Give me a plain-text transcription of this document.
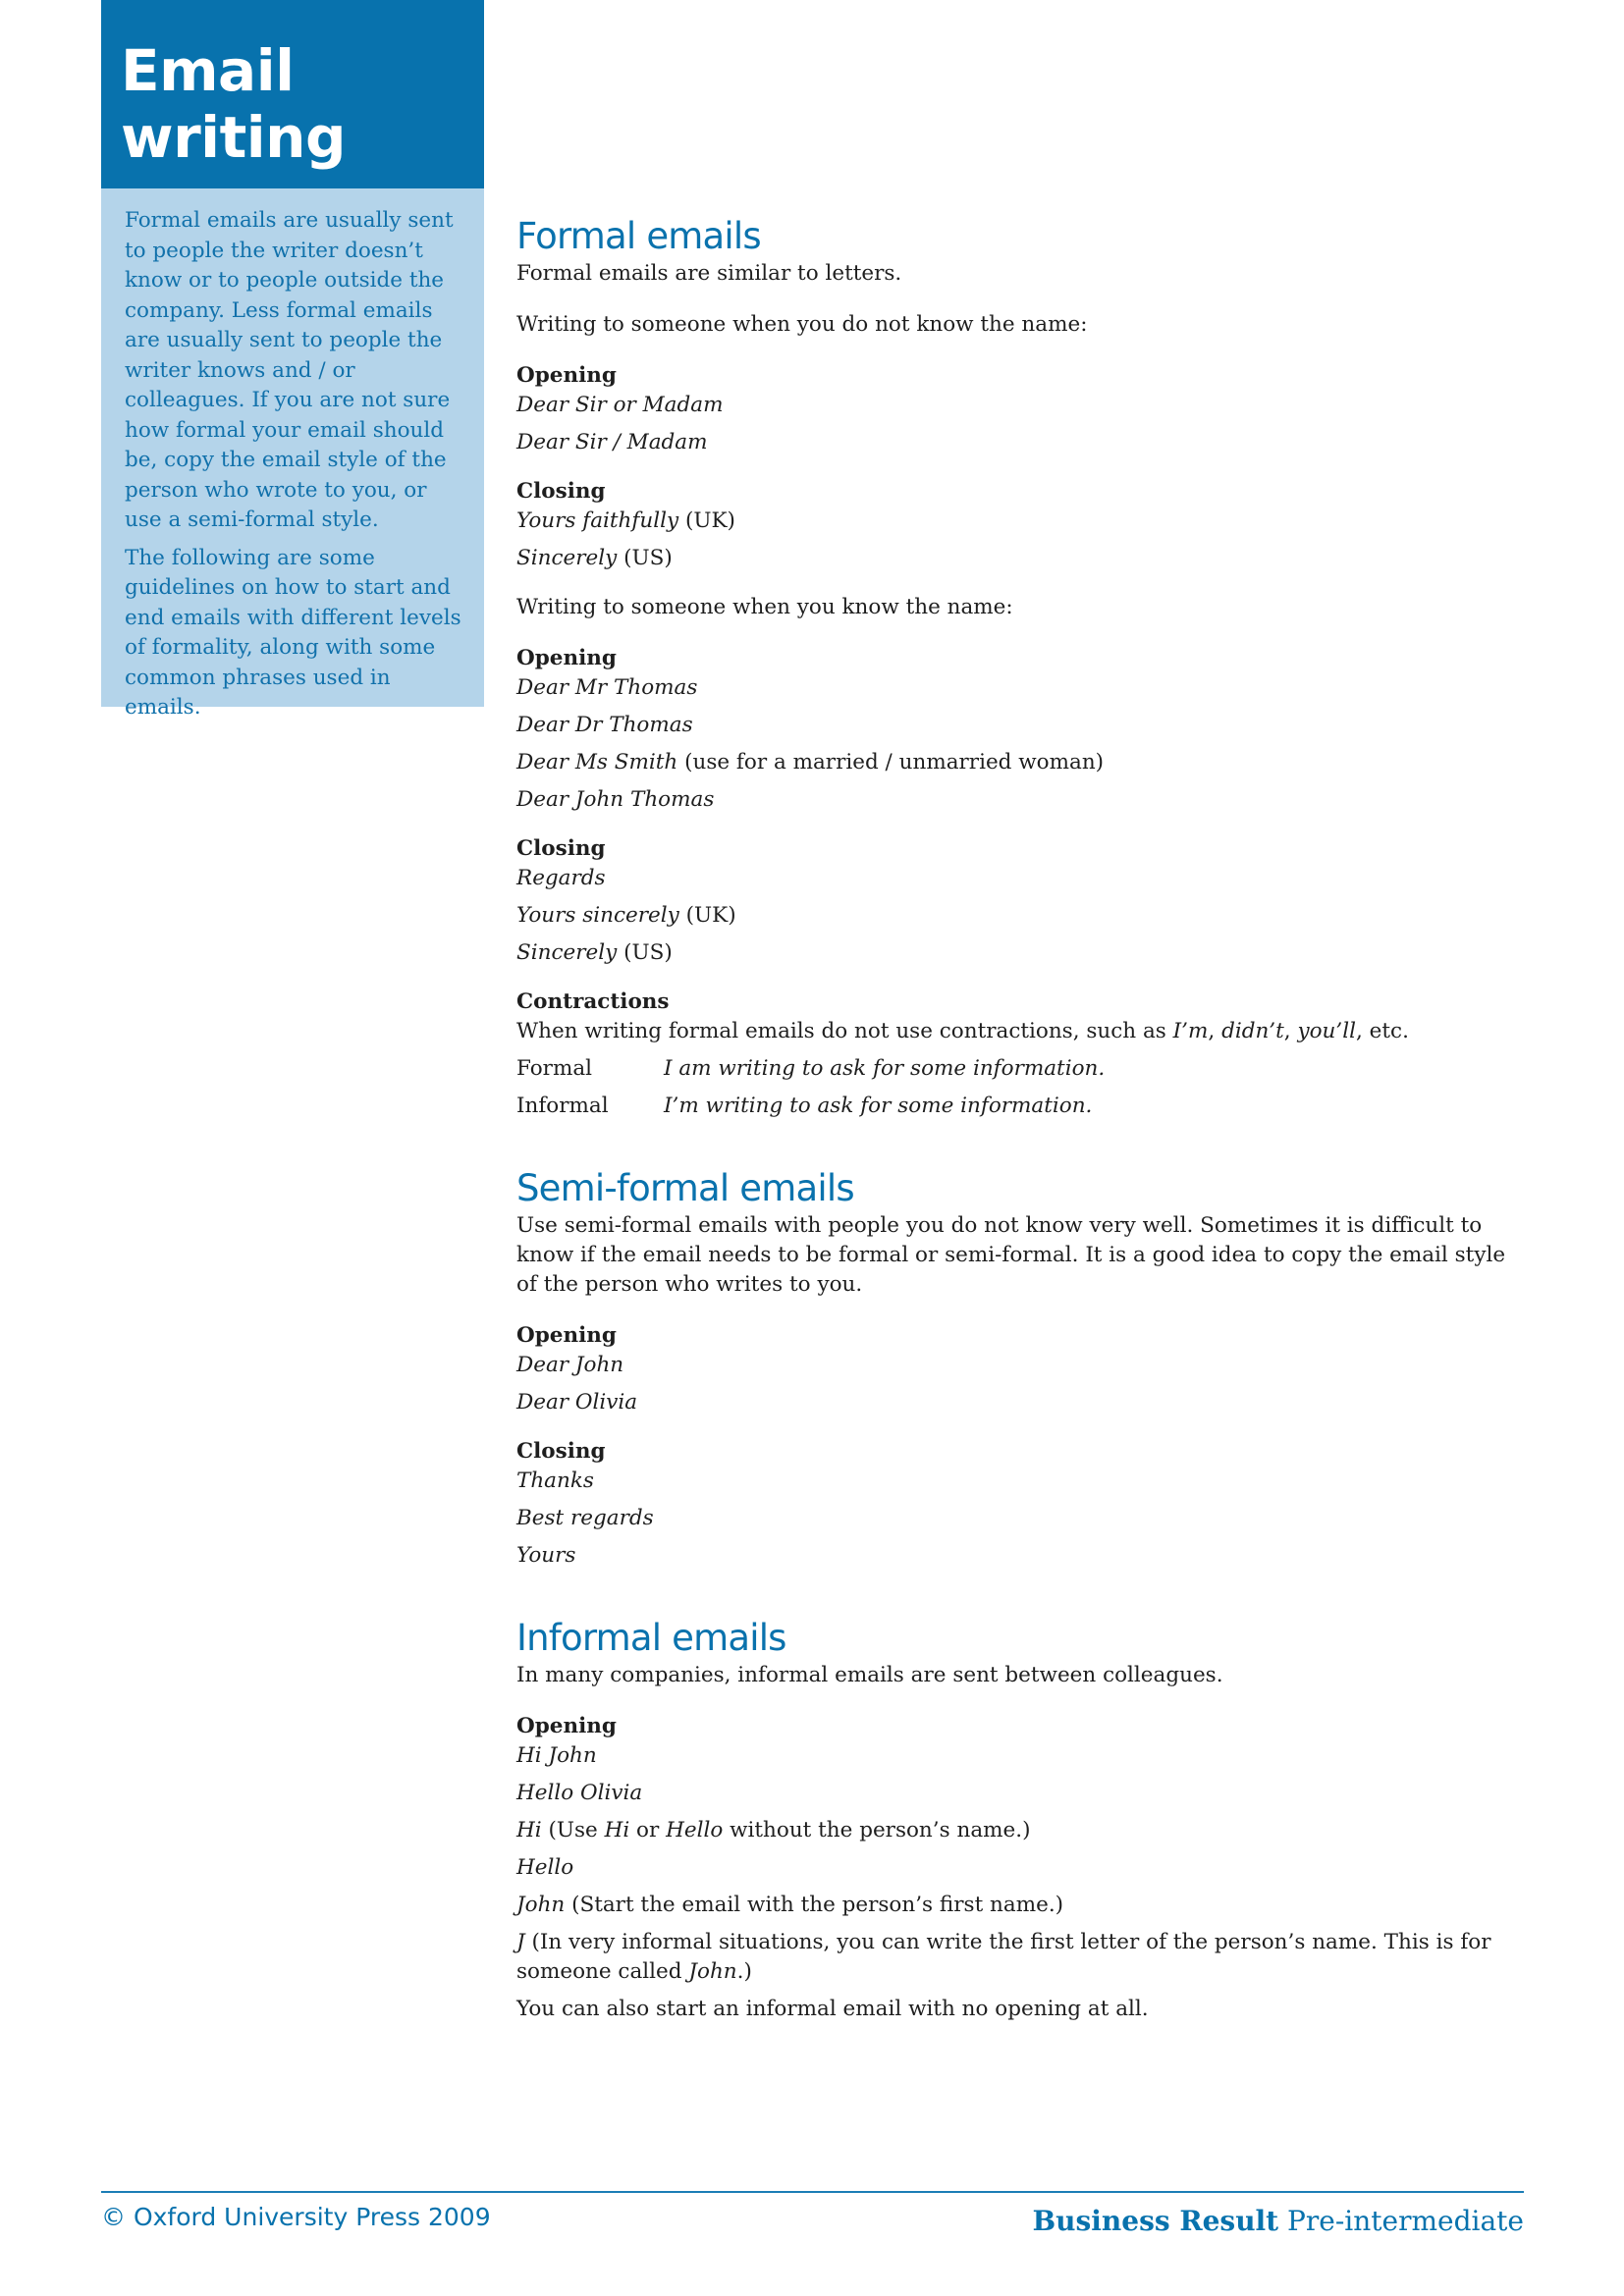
Email writing

Formal emails are usually sent to people the writer doesn’t know or to people outside the company. Less formal emails are usually sent to people the writer knows and / or colleagues. If you are not sure how formal your email should be, copy the email style of the person who wrote to you, or use a semi-formal style.

The following are some guidelines on how to start and end emails with different levels of formality, along with some common phrases used in emails.

Formal emails

Formal emails are similar to letters.

Writing to someone when you do not know the name:

Opening

Dear Sir or Madam

Dear Sir / Madam

Closing

Yours faithfully (UK)

Sincerely (US)

Writing to someone when you know the name:

Opening

Dear Mr Thomas

Dear Dr Thomas

Dear Ms Smith (use for a married / unmarried woman)

Dear John Thomas

Closing

Regards

Yours sincerely (UK)

Sincerely (US)

Contractions

When writing formal emails do not use contractions, such as I’m, didn’t, you’ll, etc.

Formal	I am writing to ask for some information.
Informal	I’m writing to ask for some information.
Semi-formal emails

Use semi-formal emails with people you do not know very well. Sometimes it is difficult to know if the email needs to be formal or semi-formal. It is a good idea to copy the email style of the person who writes to you.

Opening

Dear John

Dear Olivia

Closing

Thanks

Best regards

Yours

Informal emails

In many companies, informal emails are sent between colleagues.

Opening

Hi John

Hello Olivia

Hi (Use Hi or Hello without the person’s name.)

Hello

John (Start the email with the person’s first name.)

J (In very informal situations, you can write the first letter of the person’s name. This is for someone called John.)

You can also start an informal email with no opening at all.

© Oxford University Press 2009	Business Result Pre-intermediate
